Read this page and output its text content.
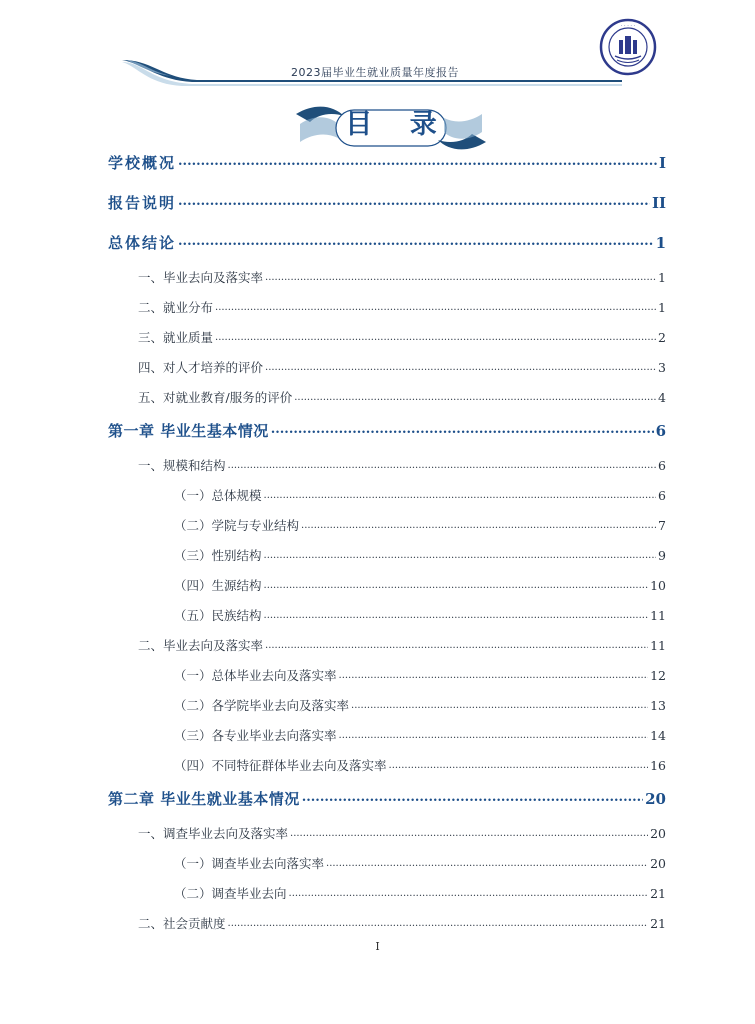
2023届毕业生就业质量年度报告
· · · · ·
目 录
学校概况 .....	I
报告说明 .....	II
总体结论 .....	1
一、毕业去向及落实率 .....	1
二、就业分布 .....	1
三、就业质量 .....	2
四、对人才培养的评价 .....	3
五、对就业教育/服务的评价 .....	4
第一章 毕业生基本情况 .....	6
一、规模和结构 .....	6
（一）总体规模 .....	6
（二）学院与专业结构 .....	7
（三）性别结构 .....	9
（四）生源结构 .....	10
（五）民族结构 .....	11
二、毕业去向及落实率 .....	11
（一）总体毕业去向及落实率 .....	12
（二）各学院毕业去向及落实率 .....	13
（三）各专业毕业去向落实率 .....	14
（四）不同特征群体毕业去向及落实率 .....	16
第二章 毕业生就业基本情况 .....	20
一、调查毕业去向及落实率 .....	20
（一）调查毕业去向落实率 .....	20
（二）调查毕业去向 .....	21
二、社会贡献度 .....	21
I
